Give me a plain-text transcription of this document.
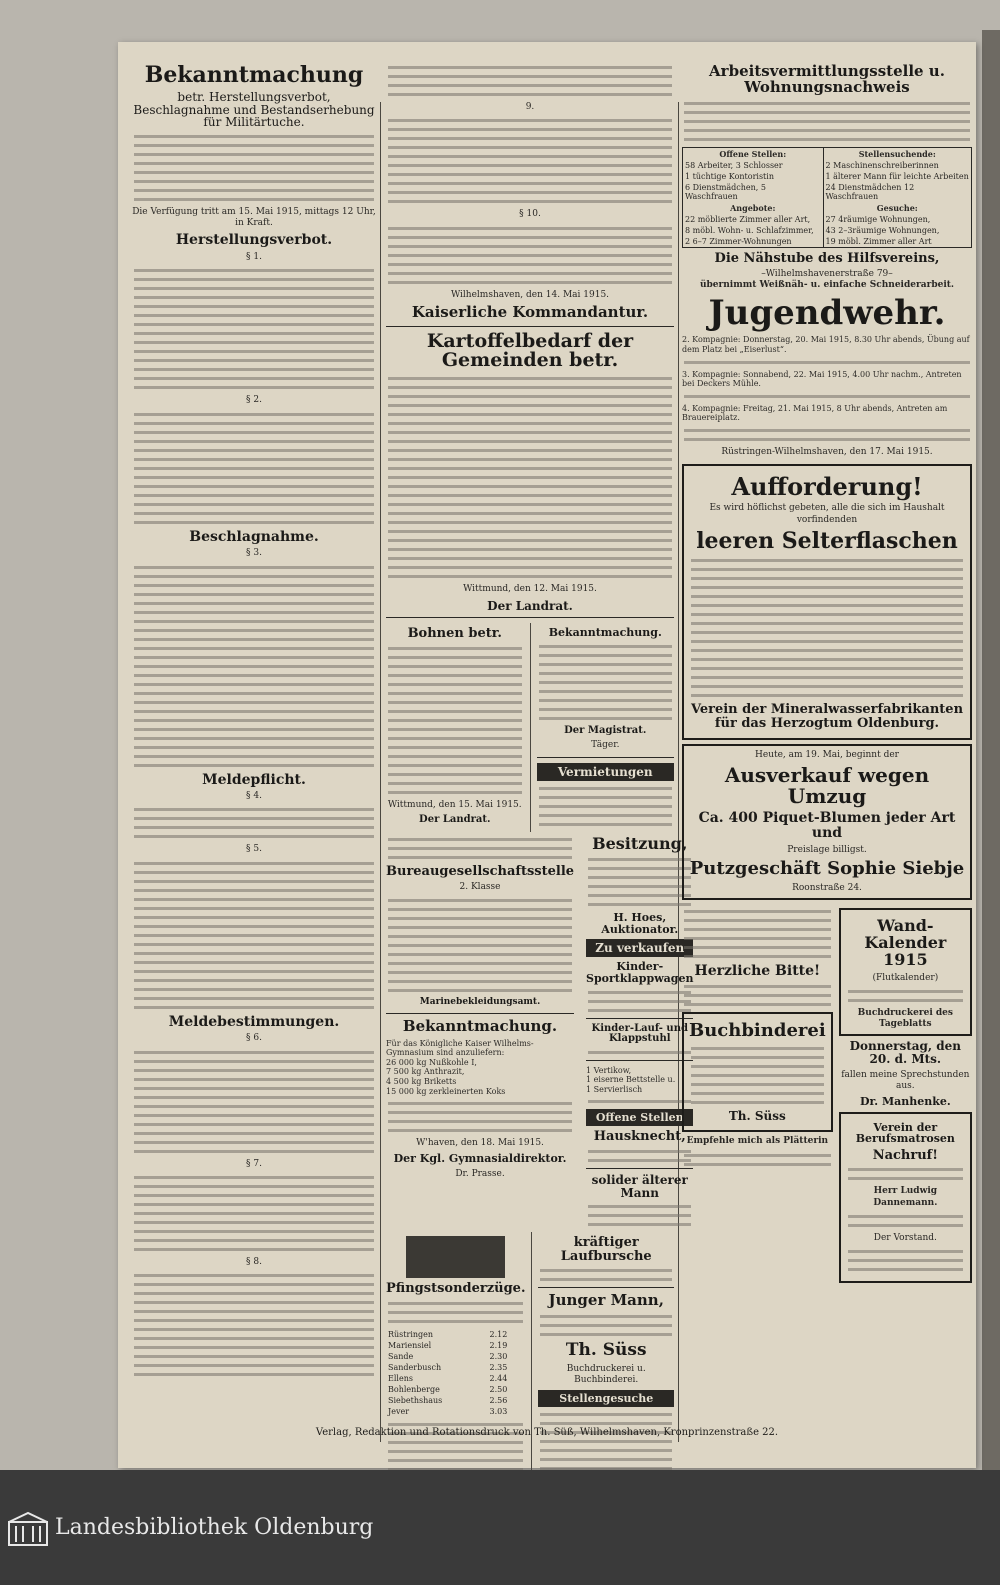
Bekanntmachung
betr. Herstellungsverbot, Beschlagnahme und Bestandserhebung für Militärtuche.
Die Verfügung tritt am 15. Mai 1915, mittags 12 Uhr, in Kraft.
Herstellungsverbot.
§ 1.
§ 2.
Beschlagnahme.
§ 3.
Meldepflicht.
§ 4.
§ 5.
Meldebestimmungen.
§ 6.
§ 7.
§ 8.
9.
§ 10.
Wilhelmshaven, den 14. Mai 1915.
Kaiserliche Kommandantur.
Kartoffelbedarf der Gemeinden betr.
Wittmund, den 12. Mai 1915.
Der Landrat.
Bohnen betr.
Wittmund, den 15. Mai 1915.
Der Landrat.
Bekanntmachung.
Der Magistrat.
Täger.
Vermietungen
Bureaugesellschaftsstelle
2. Klasse
Marinebekleidungsamt.
Bekanntmachung.
Für das Königliche Kaiser Wilhelms-Gymnasium sind anzuliefern:
26 000 kg Nußkohle I,
7 500 kg Anthrazit,
4 500 kg Briketts
15 000 kg zerkleinerten Koks
W'haven, den 18. Mai 1915.
Der Kgl. Gymnasialdirektor.
Dr. Prasse.
Besitzung,
H. Hoes, Auktionator.
Zu verkaufen
Kinder-Sportklappwagen
Kinder-Lauf- und Klappstuhl
1 Vertikow,
1 eiserne Bettstelle u.
1 Servierlisch
Offene Stellen
Hausknecht,
solider älterer Mann
Pfingstsonderzüge.
Rüstringen	2.12
Mariensiel	2.19
Sande	2.30
Sanderbusch	2.35
Ellens	2.44
Bohlenberge	2.50
Siebethshaus	2.56
Jever	3.03
kräftiger Laufbursche
Junger Mann,
Th. Süss
Buchdruckerei u. Buchbinderei.
Stellengesuche
Arbeitsvermittlungsstelle u. Wohnungsnachweis
Offene Stellen:	Stellensuchende:
58 Arbeiter, 3 Schlosser	2 Maschinenschreiberinnen
1 tüchtige Kontoristin	1 älterer Mann für leichte Arbeiten
6 Dienstmädchen, 5 Waschfrauen	24 Dienstmädchen 12 Waschfrauen
Angebote:	Gesuche:
22 möblierte Zimmer aller Art,	27 4räumige Wohnungen,
8 möbl. Wohn- u. Schlafzimmer,	43 2–3räumige Wohnungen,
2 6–7 Zimmer-Wohnungen	19 möbl. Zimmer aller Art
Die Nähstube des Hilfsvereins,
–Wilhelmshavenerstraße 79–
übernimmt Weißnäh- u. einfache Schneiderarbeit.
Jugendwehr.
2. Kompagnie: Donnerstag, 20. Mai 1915, 8.30 Uhr abends, Übung auf dem Platz bei „Eiserlust“.
3. Kompagnie: Sonnabend, 22. Mai 1915, 4.00 Uhr nachm., Antreten bei Deckers Mühle.
4. Kompagnie: Freitag, 21. Mai 1915, 8 Uhr abends, Antreten am Brauereiplatz.
Rüstringen-Wilhelmshaven, den 17. Mai 1915.
Aufforderung!
Es wird höflichst gebeten, alle die sich im Haushalt vorfindenden
leeren Selterflaschen
Verein der Mineralwasserfabrikanten für das Herzogtum Oldenburg.
Heute, am 19. Mai, beginnt der
Ausverkauf wegen Umzug
Ca. 400 Piquet-Blumen jeder Art und
Preislage billigst.
Putzgeschäft Sophie Siebje
Roonstraße 24.
Herzliche Bitte!
Buchbinderei
Th. Süss
Empfehle mich als Plätterin
Wand-Kalender 1915
(Flutkalender)
Buchdruckerei des Tageblatts
Donnerstag, den 20. d. Mts.
fallen meine Sprechstunden aus.
Dr. Manhenke.
Verein der Berufsmatrosen
Nachruf!
Herr Ludwig Dannemann.
Der Vorstand.
Verlag, Redaktion und Rotationsdruck von Th. Süß, Wilhelmshaven, Kronprinzenstraße 22.
Landesbibliothek Oldenburg
